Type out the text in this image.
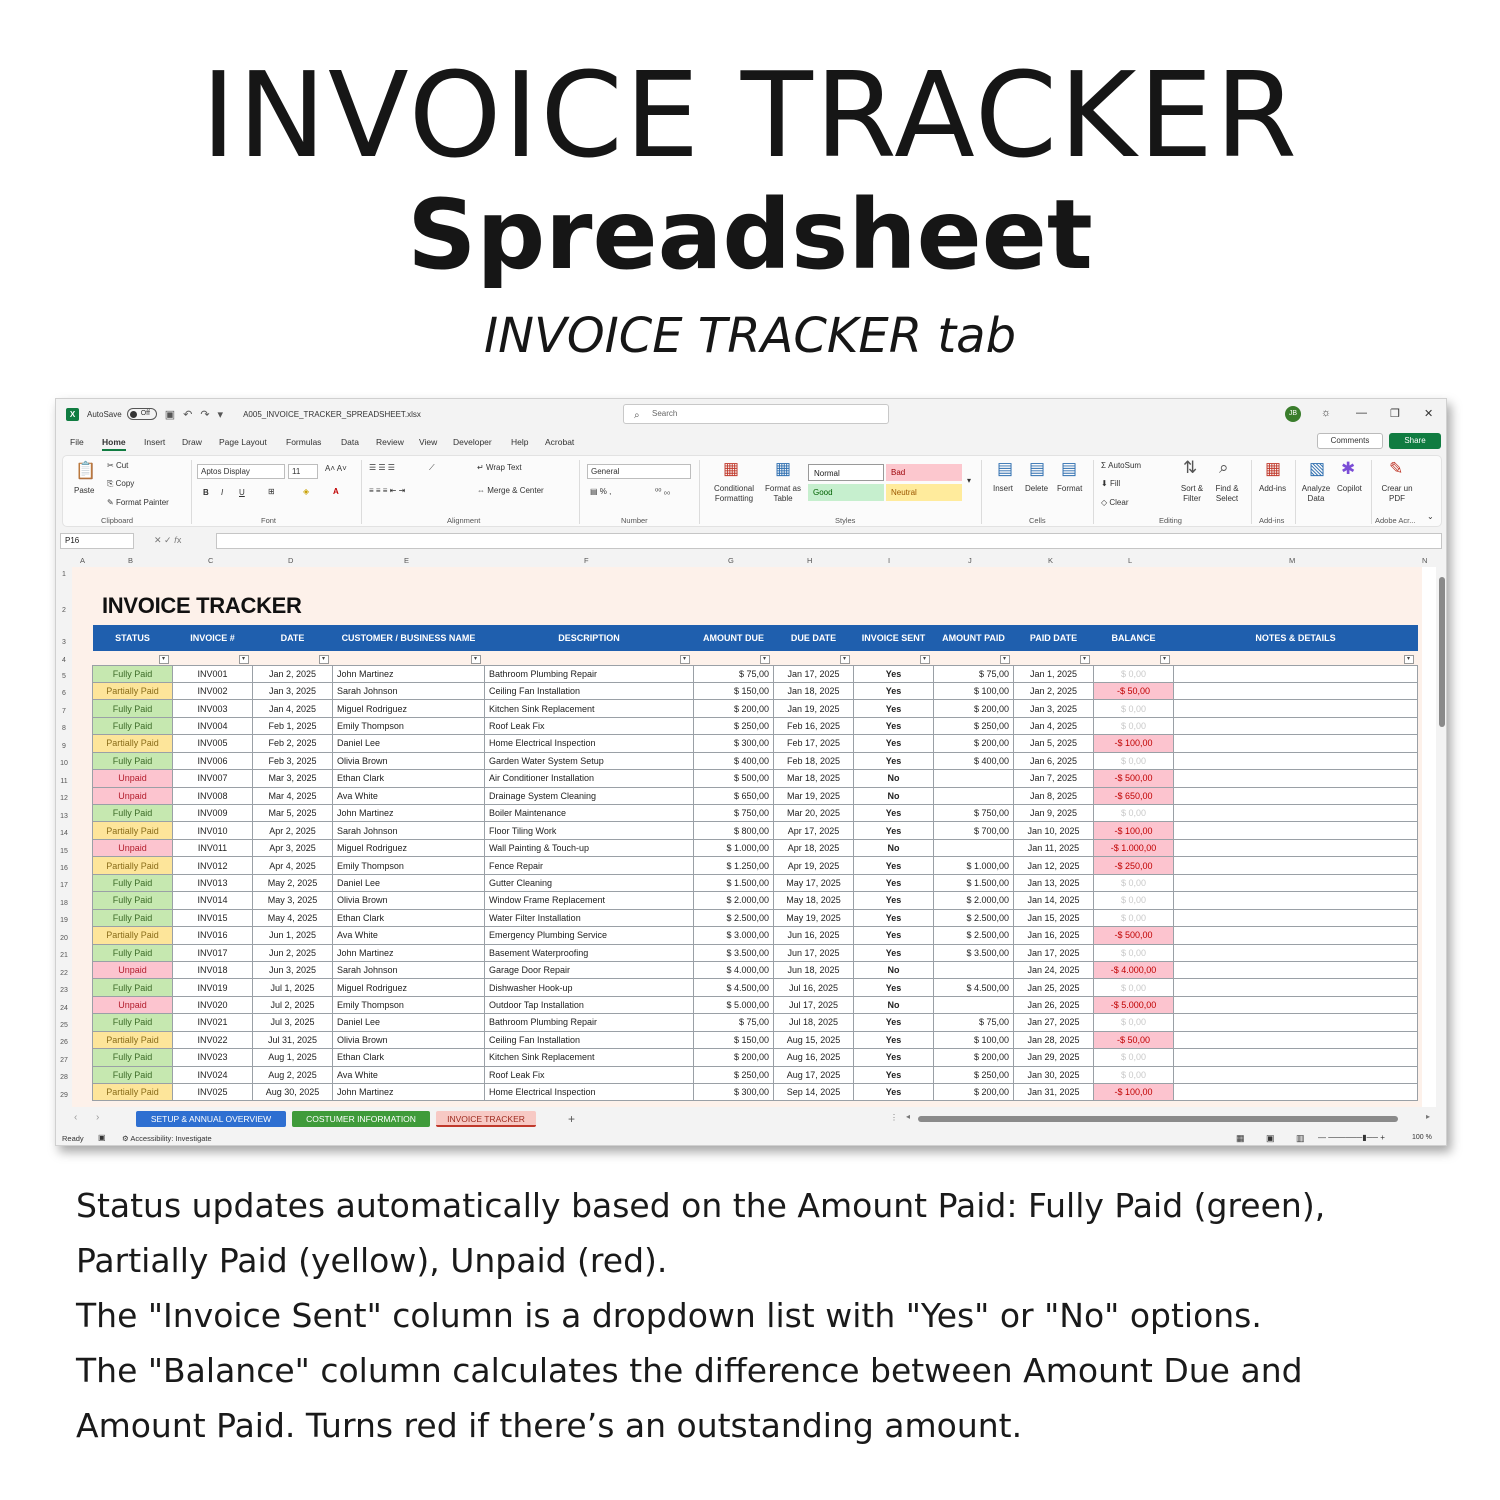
INVOICE TRACKER
Spreadsheet
INVOICE TRACKER tab
X	AutoSave	Off	▣ ↶ ↷ ▾	A005_INVOICE_TRACKER_SPREADSHEET.xlsx	⌕ Search	JB	☼ — ❐ ✕
File Home Insert Draw Page Layout Formulas Data Review View Developer Help Acrobat	Comments	Share
📋
Paste
✂ Cut
⎘ Copy
✎ Format Painter
Clipboard
Aptos Display	11	A˄ A˅
B I U	⊞	◈	A
Font
☰ ☰ ☰
≡ ≡ ≡ ⇤ ⇥
⟋	↵ Wrap Text
⇔ Merge & Center
Alignment
General
▤ % ,	⁰⁰ ₀₀
Number
▦
Conditional Formatting
▦
Format as Table
Normal	Bad
Good	Neutral
▾
Styles
▤
Insert
▤
Delete
▤
Format
Cells
Σ AutoSum
⬇ Fill
◇ Clear
⇅
Sort & Filter
⌕
Find & Select
Editing
▦
Add-ins
Add-ins
▧
Analyze Data
✱
Copilot
✎
Crear un PDF
Adobe Acr... ⌄
P16	✕ ✓ 𝑓x
A	B	C	D	E	F	G	H	I	J	K	L	M	N
1
2
3
4
5
6
7
8
9
10
11
12
13
14
15
16
17
18
19
20
21
22
23
24
25
26
27
28
29
INVOICE TRACKER
STATUS	INVOICE #	DATE	CUSTOMER / BUSINESS NAME	DESCRIPTION	AMOUNT DUE	DUE DATE	INVOICE SENT	AMOUNT PAID	PAID DATE	BALANCE	NOTES & DETAILS
▾	▾	▾	▾	▾	▾	▾	▾	▾	▾	▾	▾
Fully Paid	INV001	Jan 2, 2025	John Martinez	Bathroom Plumbing Repair	$ 75,00	Jan 17, 2025	Yes	$ 75,00	Jan 1, 2025	$ 0,00	
Partially Paid	INV002	Jan 3, 2025	Sarah Johnson	Ceiling Fan Installation	$ 150,00	Jan 18, 2025	Yes	$ 100,00	Jan 2, 2025	-$ 50,00	
Fully Paid	INV003	Jan 4, 2025	Miguel Rodriguez	Kitchen Sink Replacement	$ 200,00	Jan 19, 2025	Yes	$ 200,00	Jan 3, 2025	$ 0,00	
Fully Paid	INV004	Feb 1, 2025	Emily Thompson	Roof Leak Fix	$ 250,00	Feb 16, 2025	Yes	$ 250,00	Jan 4, 2025	$ 0,00	
Partially Paid	INV005	Feb 2, 2025	Daniel Lee	Home Electrical Inspection	$ 300,00	Feb 17, 2025	Yes	$ 200,00	Jan 5, 2025	-$ 100,00	
Fully Paid	INV006	Feb 3, 2025	Olivia Brown	Garden Water System Setup	$ 400,00	Feb 18, 2025	Yes	$ 400,00	Jan 6, 2025	$ 0,00	
Unpaid	INV007	Mar 3, 2025	Ethan Clark	Air Conditioner Installation	$ 500,00	Mar 18, 2025	No		Jan 7, 2025	-$ 500,00	
Unpaid	INV008	Mar 4, 2025	Ava White	Drainage System Cleaning	$ 650,00	Mar 19, 2025	No		Jan 8, 2025	-$ 650,00	
Fully Paid	INV009	Mar 5, 2025	John Martinez	Boiler Maintenance	$ 750,00	Mar 20, 2025	Yes	$ 750,00	Jan 9, 2025	$ 0,00	
Partially Paid	INV010	Apr 2, 2025	Sarah Johnson	Floor Tiling Work	$ 800,00	Apr 17, 2025	Yes	$ 700,00	Jan 10, 2025	-$ 100,00	
Unpaid	INV011	Apr 3, 2025	Miguel Rodriguez	Wall Painting & Touch-up	$ 1.000,00	Apr 18, 2025	No		Jan 11, 2025	-$ 1.000,00	
Partially Paid	INV012	Apr 4, 2025	Emily Thompson	Fence Repair	$ 1.250,00	Apr 19, 2025	Yes	$ 1.000,00	Jan 12, 2025	-$ 250,00	
Fully Paid	INV013	May 2, 2025	Daniel Lee	Gutter Cleaning	$ 1.500,00	May 17, 2025	Yes	$ 1.500,00	Jan 13, 2025	$ 0,00	
Fully Paid	INV014	May 3, 2025	Olivia Brown	Window Frame Replacement	$ 2.000,00	May 18, 2025	Yes	$ 2.000,00	Jan 14, 2025	$ 0,00	
Fully Paid	INV015	May 4, 2025	Ethan Clark	Water Filter Installation	$ 2.500,00	May 19, 2025	Yes	$ 2.500,00	Jan 15, 2025	$ 0,00	
Partially Paid	INV016	Jun 1, 2025	Ava White	Emergency Plumbing Service	$ 3.000,00	Jun 16, 2025	Yes	$ 2.500,00	Jan 16, 2025	-$ 500,00	
Fully Paid	INV017	Jun 2, 2025	John Martinez	Basement Waterproofing	$ 3.500,00	Jun 17, 2025	Yes	$ 3.500,00	Jan 17, 2025	$ 0,00	
Unpaid	INV018	Jun 3, 2025	Sarah Johnson	Garage Door Repair	$ 4.000,00	Jun 18, 2025	No		Jan 24, 2025	-$ 4.000,00	
Fully Paid	INV019	Jul 1, 2025	Miguel Rodriguez	Dishwasher Hook-up	$ 4.500,00	Jul 16, 2025	Yes	$ 4.500,00	Jan 25, 2025	$ 0,00	
Unpaid	INV020	Jul 2, 2025	Emily Thompson	Outdoor Tap Installation	$ 5.000,00	Jul 17, 2025	No		Jan 26, 2025	-$ 5.000,00	
Fully Paid	INV021	Jul 3, 2025	Daniel Lee	Bathroom Plumbing Repair	$ 75,00	Jul 18, 2025	Yes	$ 75,00	Jan 27, 2025	$ 0,00	
Partially Paid	INV022	Jul 31, 2025	Olivia Brown	Ceiling Fan Installation	$ 150,00	Aug 15, 2025	Yes	$ 100,00	Jan 28, 2025	-$ 50,00	
Fully Paid	INV023	Aug 1, 2025	Ethan Clark	Kitchen Sink Replacement	$ 200,00	Aug 16, 2025	Yes	$ 200,00	Jan 29, 2025	$ 0,00	
Fully Paid	INV024	Aug 2, 2025	Ava White	Roof Leak Fix	$ 250,00	Aug 17, 2025	Yes	$ 250,00	Jan 30, 2025	$ 0,00	
Partially Paid	INV025	Aug 30, 2025	John Martinez	Home Electrical Inspection	$ 300,00	Sep 14, 2025	Yes	$ 200,00	Jan 31, 2025	-$ 100,00	
‹ ›	SETUP & ANNUAL OVERVIEW	COSTUMER INFORMATION	INVOICE TRACKER	+	⋮ ◂	▸
Ready ▣ ⚙ Accessibility: Investigate	▦ ▣ ▥ — ──────▮── +	100 %
Status updates automatically based on the Amount Paid: Fully Paid (green),
Partially Paid (yellow), Unpaid (red).
The "Invoice Sent" column is a dropdown list with "Yes" or "No" options.
The "Balance" column calculates the difference between Amount Due and
Amount Paid. Turns red if there’s an outstanding amount.
